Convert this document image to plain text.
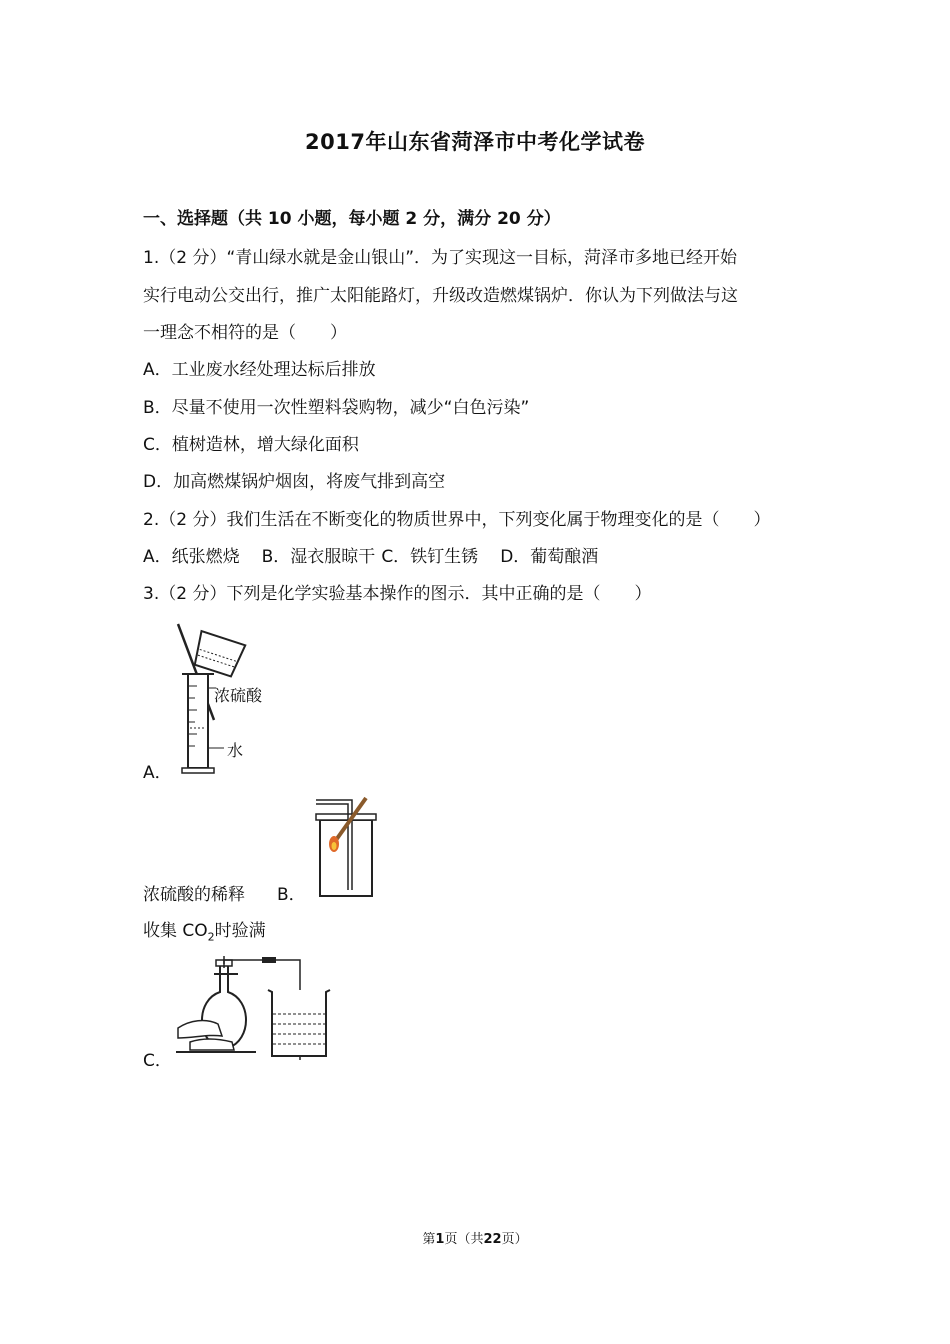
2017年山东省菏泽市中考化学试卷
一、选择题（共 10 小题，每小题 2 分，满分 20 分）
1.（2 分）“青山绿水就是金山银山”．为了实现这一目标，菏泽市多地已经开始
实行电动公交出行，推广太阳能路灯，升级改造燃煤锅炉．你认为下列做法与这
一理念不相符的是（　　）
A．工业废水经处理达标后排放
B．尽量不使用一次性塑料袋购物，减少“白色污染”
C．植树造林，增大绿化面积
D．加高燃煤锅炉烟囱，将废气排到高空
2.（2 分）我们生活在不断变化的物质世界中，下列变化属于物理变化的是（　　）
A．纸张燃烧 B．湿衣服晾干 C．铁钉生锈 D．葡萄酿酒
3.（2 分）下列是化学实验基本操作的图示．其中正确的是（　　）
浓硫酸
水
A．
浓硫酸的稀释 B．
收集 $CO_2$时验满
C．
第1页（共22页）
